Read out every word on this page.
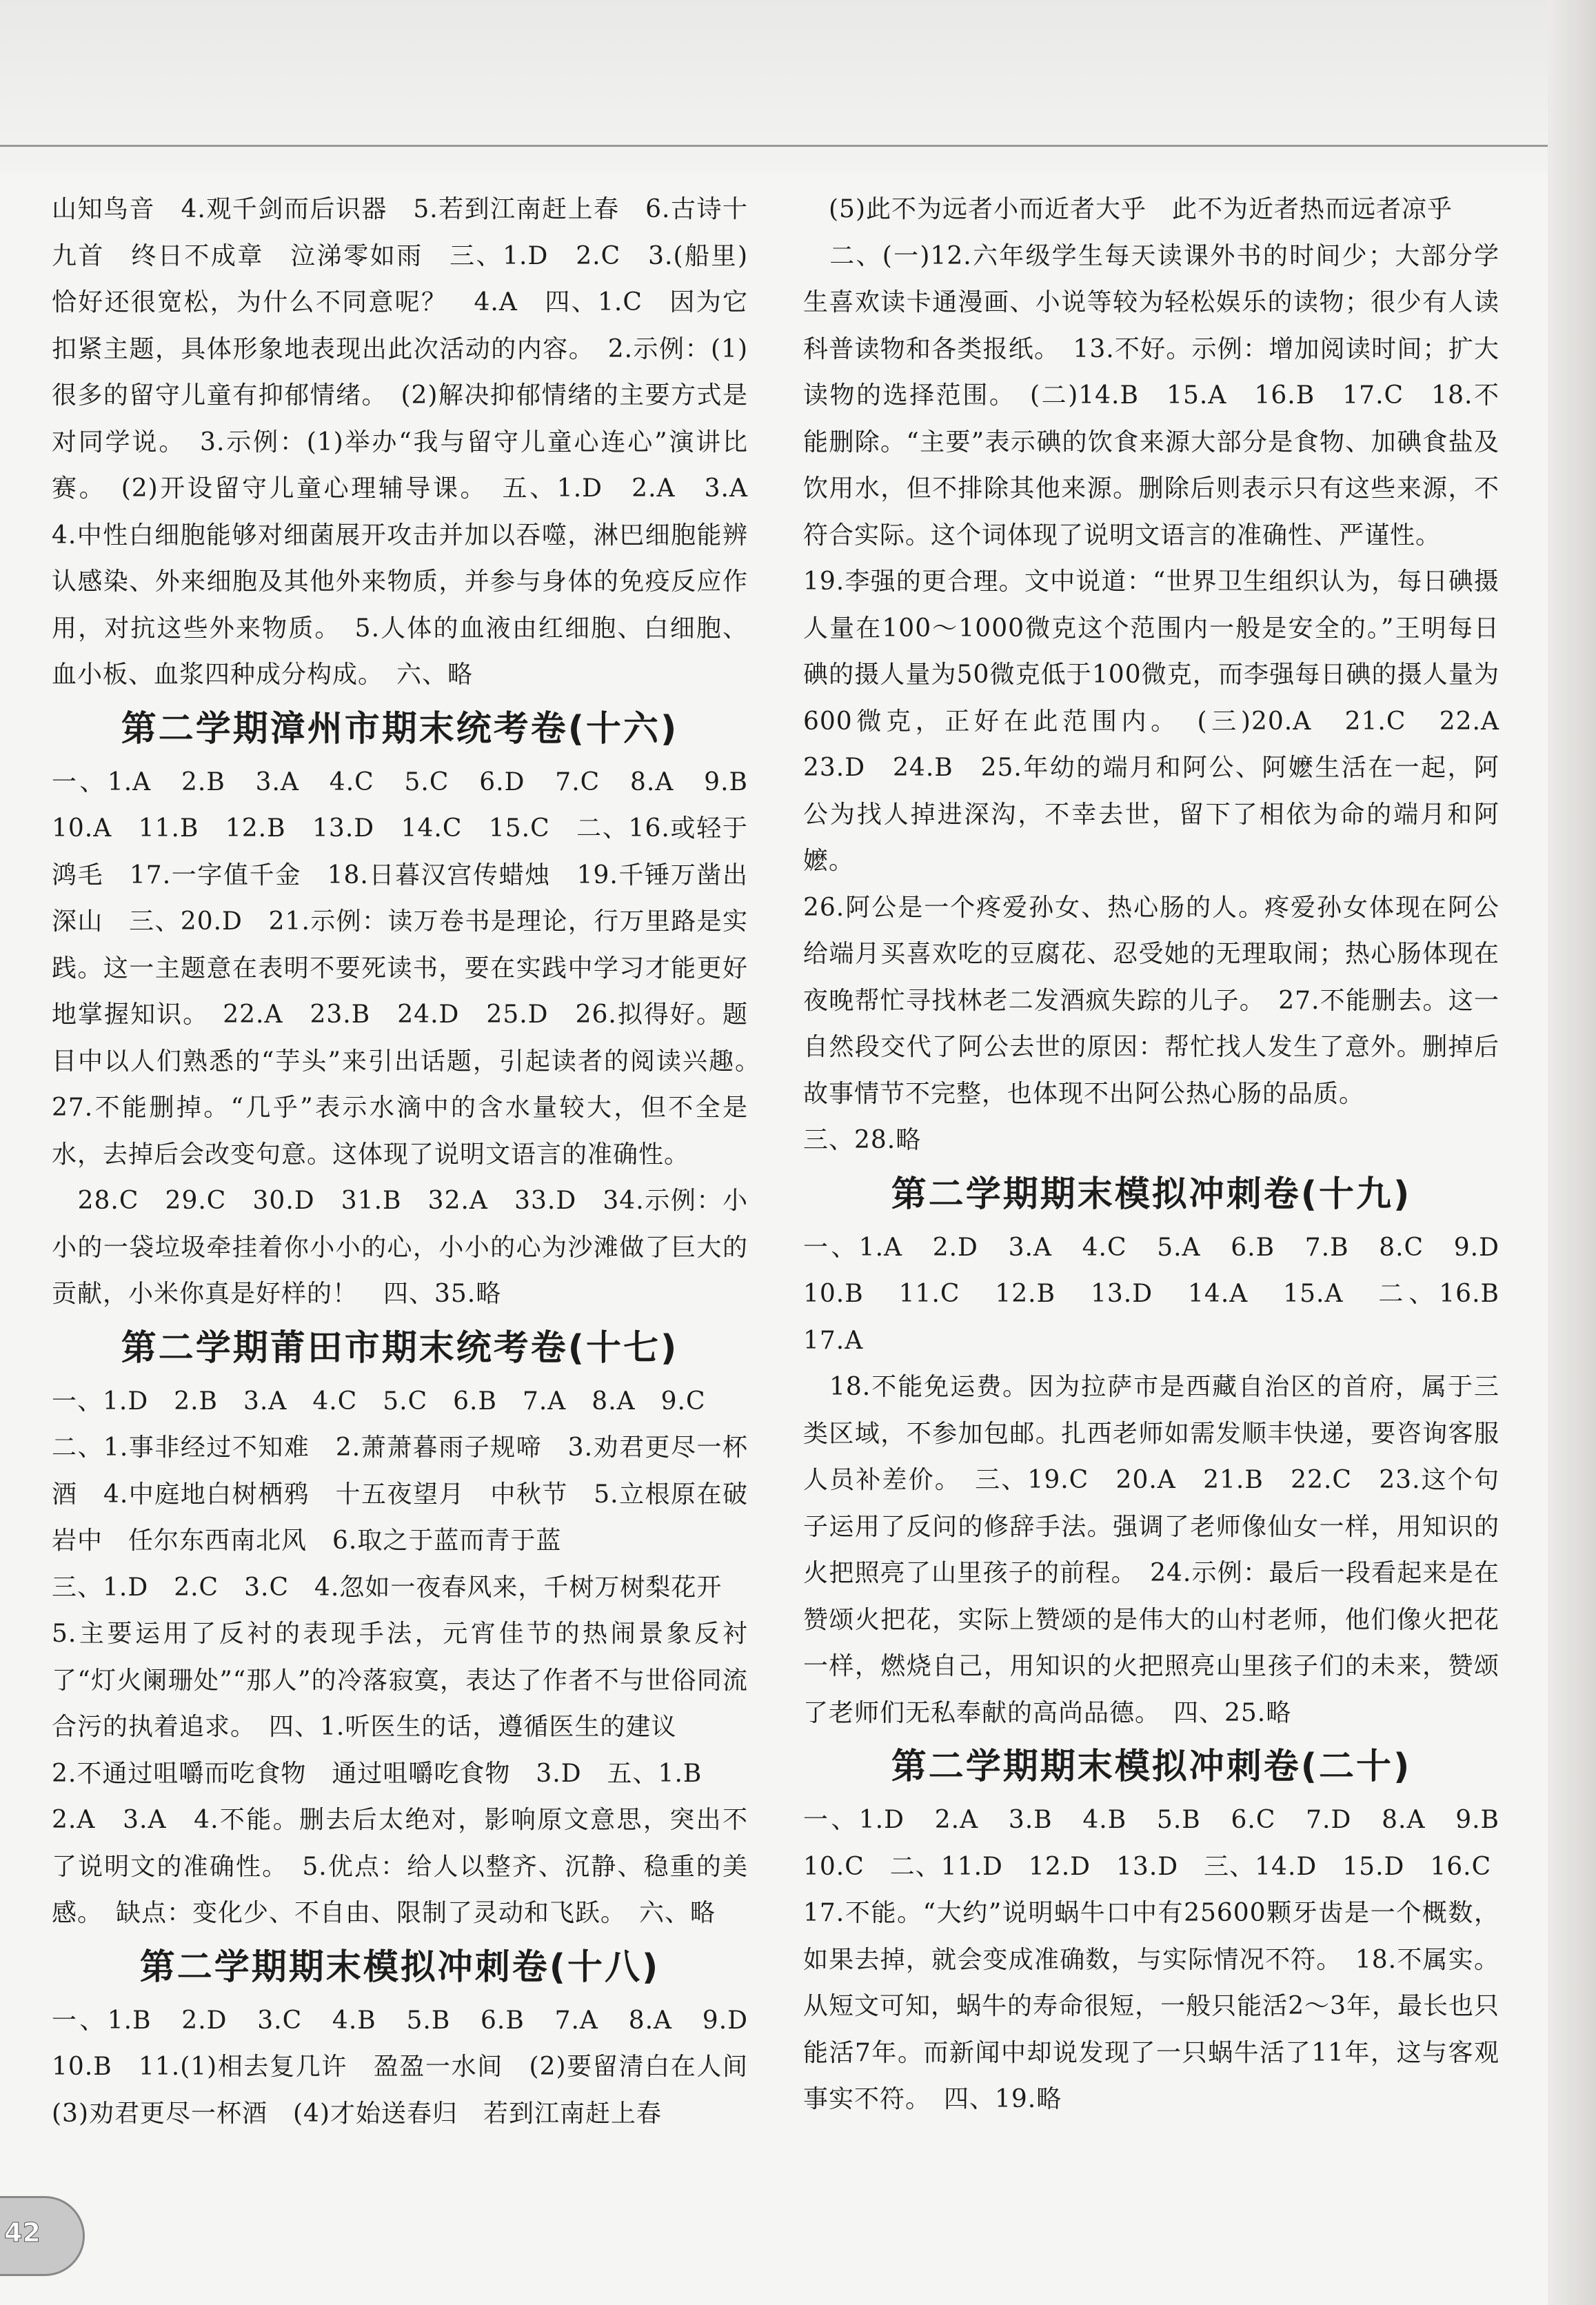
山知鸟音　4.观千剑而后识器　5.若到江南赶上春　6.古诗十九首　终日不成章　泣涕零如雨　三、1.D　2.C　3.(船里)恰好还很宽松，为什么不同意呢？　4.A　四、1.C　因为它扣紧主题，具体形象地表现出此次活动的内容。　2.示例：(1)很多的留守儿童有抑郁情绪。　(2)解决抑郁情绪的主要方式是对同学说。　3.示例：(1)举办“我与留守儿童心连心”演讲比赛。　(2)开设留守儿童心理辅导课。　五、1.D　2.A　3.A　4.中性白细胞能够对细菌展开攻击并加以吞噬，淋巴细胞能辨认感染、外来细胞及其他外来物质，并参与身体的免疫反应作用，对抗这些外来物质。　5.人体的血液由红细胞、白细胞、血小板、血浆四种成分构成。　六、略

第二学期漳州市期末统考卷(十六)

一、1.A　2.B　3.A　4.C　5.C　6.D　7.C　8.A　9.B　10.A　11.B　12.B　13.D　14.C　15.C　二、16.或轻于鸿毛　17.一字值千金　18.日暮汉宫传蜡烛　19.千锤万凿出深山　三、20.D　21.示例：读万卷书是理论，行万里路是实践。这一主题意在表明不要死读书，要在实践中学习才能更好地掌握知识。　22.A　23.B　24.D　25.D　26.拟得好。题目中以人们熟悉的“芋头”来引出话题，引起读者的阅读兴趣。　27.不能删掉。“几乎”表示水滴中的含水量较大，但不全是水，去掉后会改变句意。这体现了说明文语言的准确性。

　28.C　29.C　30.D　31.B　32.A　33.D　34.示例：小小的一袋垃圾牵挂着你小小的心，小小的心为沙滩做了巨大的贡献，小米你真是好样的！　四、35.略

第二学期莆田市期末统考卷(十七)

一、1.D　2.B　3.A　4.C　5.C　6.B　7.A　8.A　9.C

二、1.事非经过不知难　2.萧萧暮雨子规啼　3.劝君更尽一杯酒　4.中庭地白树栖鸦　十五夜望月　中秋节　5.立根原在破岩中　任尔东西南北风　6.取之于蓝而青于蓝

三、1.D　2.C　3.C　4.忽如一夜春风来，千树万树梨花开

5.主要运用了反衬的表现手法，元宵佳节的热闹景象反衬了“灯火阑珊处”“那人”的冷落寂寞，表达了作者不与世俗同流合污的执着追求。　四、1.听医生的话，遵循医生的建议

2.不通过咀嚼而吃食物　通过咀嚼吃食物　3.D　五、1.B

2.A　3.A　4.不能。删去后太绝对，影响原文意思，突出不了说明文的准确性。　5.优点：给人以整齐、沉静、稳重的美感。　缺点：变化少、不自由、限制了灵动和飞跃。　六、略

第二学期期末模拟冲刺卷(十八)

一、1.B　2.D　3.C　4.B　5.B　6.B　7.A　8.A　9.D　10.B　11.(1)相去复几许　盈盈一水间　(2)要留清白在人间　(3)劝君更尽一杯酒　(4)才始送春归　若到江南赶上春

　(5)此不为远者小而近者大乎　此不为近者热而远者凉乎

　二、(一)12.六年级学生每天读课外书的时间少；大部分学生喜欢读卡通漫画、小说等较为轻松娱乐的读物；很少有人读科普读物和各类报纸。　13.不好。示例：增加阅读时间；扩大读物的选择范围。　(二)14.B　15.A　16.B　17.C　18.不能删除。“主要”表示碘的饮食来源大部分是食物、加碘食盐及饮用水，但不排除其他来源。删除后则表示只有这些来源，不符合实际。这个词体现了说明文语言的准确性、严谨性。

19.李强的更合理。文中说道：“世界卫生组织认为，每日碘摄人量在100～1000微克这个范围内一般是安全的。”王明每日碘的摄人量为50微克低于100微克，而李强每日碘的摄人量为600微克，正好在此范围内。　(三)20.A　21.C　22.A　23.D　24.B　25.年幼的端月和阿公、阿嬷生活在一起，阿公为找人掉进深沟，不幸去世，留下了相依为命的端月和阿嬷。

26.阿公是一个疼爱孙女、热心肠的人。疼爱孙女体现在阿公给端月买喜欢吃的豆腐花、忍受她的无理取闹；热心肠体现在夜晚帮忙寻找林老二发酒疯失踪的儿子。　27.不能删去。这一自然段交代了阿公去世的原因：帮忙找人发生了意外。删掉后故事情节不完整，也体现不出阿公热心肠的品质。

三、28.略

第二学期期末模拟冲刺卷(十九)

一、1.A　2.D　3.A　4.C　5.A　6.B　7.B　8.C　9.D　10.B　11.C　12.B　13.D　14.A　15.A　二、16.B　17.A

　18.不能免运费。因为拉萨市是西藏自治区的首府，属于三类区域，不参加包邮。扎西老师如需发顺丰快递，要咨询客服人员补差价。　三、19.C　20.A　21.B　22.C　23.这个句子运用了反问的修辞手法。强调了老师像仙女一样，用知识的火把照亮了山里孩子的前程。　24.示例：最后一段看起来是在赞颂火把花，实际上赞颂的是伟大的山村老师，他们像火把花一样，燃烧自己，用知识的火把照亮山里孩子们的未来，赞颂了老师们无私奉献的高尚品德。　四、25.略

第二学期期末模拟冲刺卷(二十)

一、1.D　2.A　3.B　4.B　5.B　6.C　7.D　8.A　9.B　10.C　二、11.D　12.D　13.D　三、14.D　15.D　16.C

17.不能。“大约”说明蜗牛口中有25600颗牙齿是一个概数，如果去掉，就会变成准确数，与实际情况不符。　18.不属实。从短文可知，蜗牛的寿命很短，一般只能活2～3年，最长也只能活7年。而新闻中却说发现了一只蜗牛活了11年，这与客观事实不符。　四、19.略

42
